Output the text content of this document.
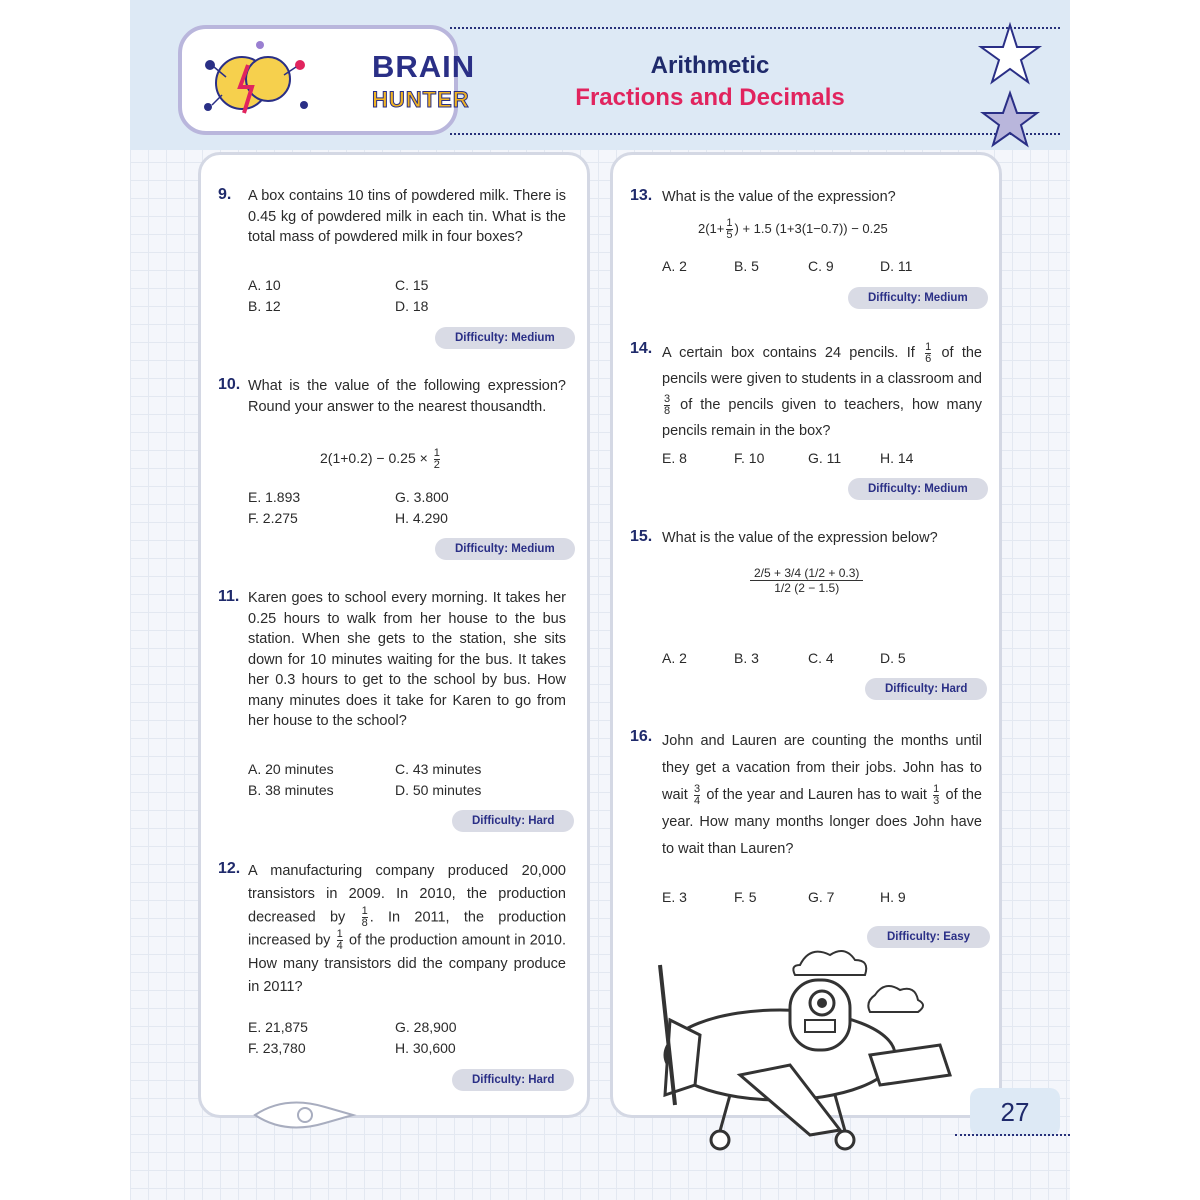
BRAIN
HUNTER
Arithmetic
Fractions and Decimals
9. A box contains 10 tins of powdered milk. There is 0.45 kg of powdered milk in each tin. What is the total mass of powdered milk in four boxes?
A. 10	C. 15
B. 12	D. 18
Difficulty: Medium
10. What is the value of the following expression? Round your answer to the nearest thousandth.
$2(1+0.2) - 0.25 \times \frac{1}{2}$
E. 1.893	G. 3.800
F. 2.275	H. 4.290
Difficulty: Medium
11. Karen goes to school every morning. It takes her 0.25 hours to walk from her house to the bus station. When she gets to the station, she sits down for 10 minutes waiting for the bus. It takes her 0.3 hours to get to the school by bus. How many minutes does it take for Karen to go from her house to the school?
A. 20 minutes	C. 43 minutes
B. 38 minutes	D. 50 minutes
Difficulty: Hard
12. A manufacturing company produced 20,000 transistors in 2009. In 2010, the production decreased by $\frac{1}{8}$ . In 2011, the production increased by $\frac{1}{4}$ of the production amount in 2010. How many transistors did the company produce in 2011?
E. 21,875	G. 28,900
F. 23,780	H. 30,600
Difficulty: Hard
13. What is the value of the expression?
$2(1+ \frac{1}{5}$ ) + 1.5 (1+3(1−0.7)) − 0.25
A. 2	B. 5	C. 9	D. 11
Difficulty: Medium
14. A certain box contains 24 pencils. If $\frac{1}{6}$ of the pencils were given to students in a classroom and
$\frac{3}{8}$ of the pencils given to teachers, how many pencils remain in the box?
E. 8	F. 10	G. 11	H. 14
Difficulty: Medium
15. What is the value of the expression below?
2/5 + 3/4 (1/2 + 0.3)
1/2 (2 − 1.5)
A. 2	B. 3	C. 4	D. 5
Difficulty: Hard
16. John and Lauren are counting the months until they get a vacation from their jobs. John has to wait $\frac{3}{4}$ of the year and Lauren has to wait $\frac{1}{3}$ of the year. How many months longer does John have to wait than Lauren?
E. 3	F. 5	G. 7	H. 9
Difficulty: Easy
27
